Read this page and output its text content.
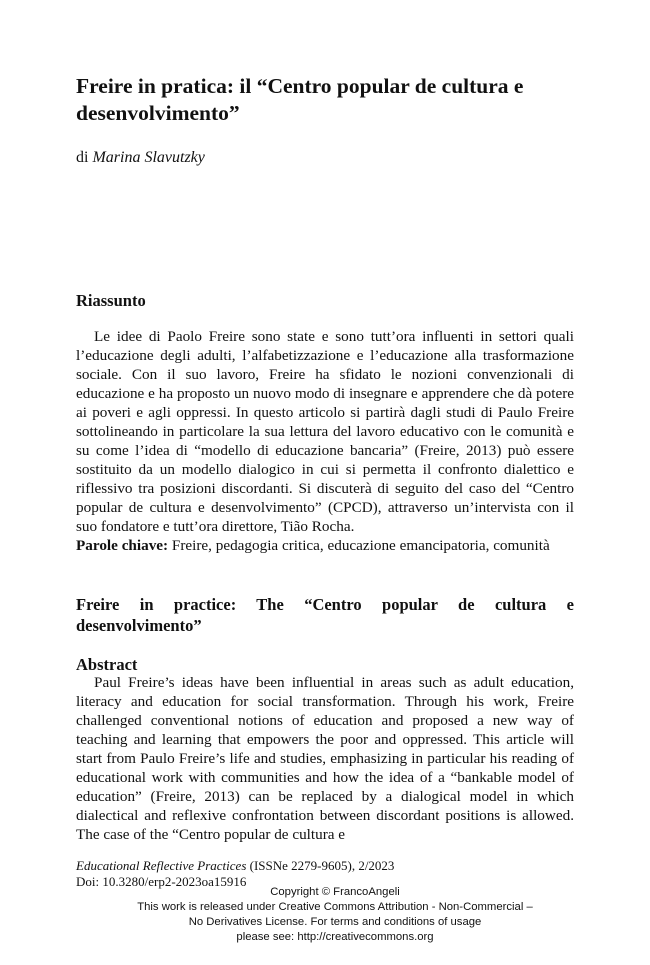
Freire in pratica: il “Centro popular de cultura e desenvolvimento”
di Marina Slavutzky
Riassunto

Le idee di Paolo Freire sono state e sono tutt’ora influenti in settori quali l’educazione degli adulti, l’alfabetizzazione e l’educazione alla trasformazione sociale. Con il suo lavoro, Freire ha sfidato le nozioni convenzionali di educazione e ha proposto un nuovo modo di insegnare e apprendere che dà potere ai poveri e agli oppressi. In questo articolo si partirà dagli studi di Paulo Freire sottolineando in particolare la sua lettura del lavoro educativo con le comunità e su come l’idea di “modello di educazione bancaria” (Freire, 2013) può essere sostituito da un modello dialogico in cui si permetta il confronto dialettico e riflessivo tra posizioni discordanti. Si discuterà di seguito del caso del “Centro popular de cultura e desenvolvimento” (CPCD), attraverso un’intervista con il suo fondatore e tutt’ora direttore, Tião Rocha.

Parole chiave: Freire, pedagogia critica, educazione emancipatoria, comunità

Freire in practice: The “Centro popular de cultura e
desenvolvimento”
Abstract

Paul Freire’s ideas have been influential in areas such as adult education, literacy and education for social transformation. Through his work, Freire challenged conventional notions of education and proposed a new way of teaching and learning that empowers the poor and oppressed. This article will start from Paulo Freire’s life and studies, emphasizing in particular his reading of educational work with communities and how the idea of a “bankable model of education” (Freire, 2013) can be replaced by a dialogical model in which dialectical and reflexive confrontation between discordant positions is allowed. The case of the “Centro popular de cultura e

Educational Reflective Practices (ISSNe 2279-9605), 2/2023
Doi: 10.3280/erp2-2023oa15916
Copyright © FrancoAngeli
This work is released under Creative Commons Attribution - Non-Commercial –
No Derivatives License. For terms and conditions of usage
please see: http://creativecommons.org
